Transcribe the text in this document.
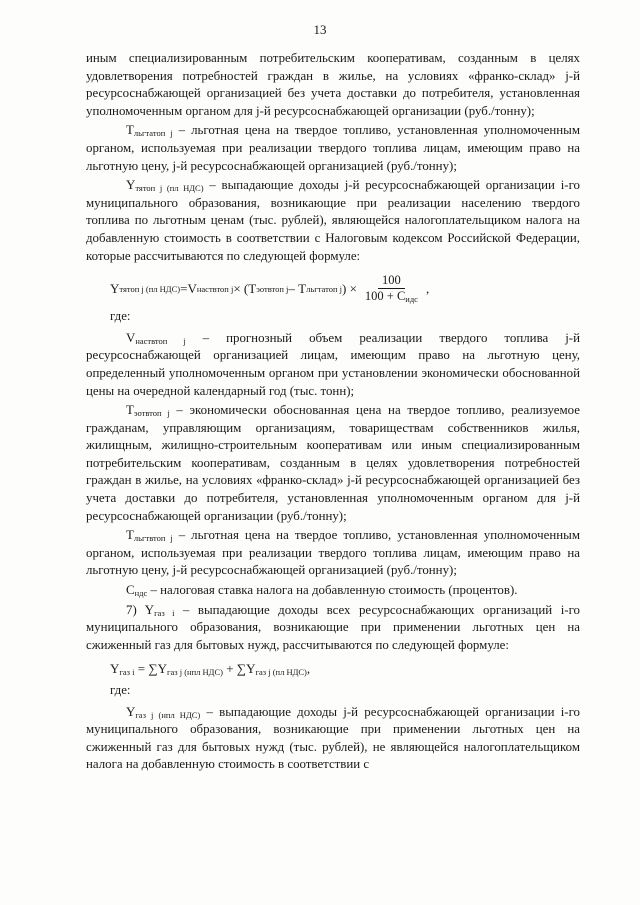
13

иным специализированным потребительским кооперативам, созданным в целях удовлетворения потребностей граждан в жилье, на условиях «франко-склад» j-й ресурсоснабжающей организацией без учета доставки до потребителя, установленная уполномоченным органом для j-й ресурсоснабжающей организации (руб./тонну);

$Т_{льгтатоп j}$ – льготная цена на твердое топливо, установленная уполномоченным органом, используемая при реализации твердого топлива лицам, имеющим право на льготную цену, j-й ресурсоснабжающей организацией (руб./тонну);

$Y_{тятоп j (пл НДС)}$ – выпадающие доходы j-й ресурсоснабжающей организации i-го муниципального образования, возникающие при реализации населению твердого топлива по льготным ценам (тыс. рублей), являющейся налогоплательщиком налога на добавленную стоимость в соответствии с Налоговым кодексом Российской Федерации, которые рассчитываются по следующей формуле:

Y тятоп j (пл НДС) =V наствтоп j × (Т эотвтоп j – Т льгтатоп j ) × $\frac{100}{100 + С_{идс}}$ ,

где:

$V_{наствтоп j}$ – прогнозный объем реализации твердого топлива j-й ресурсоснабжающей организацией лицам, имеющим право на льготную цену, определенный уполномоченным органом при установлении экономически обоснованной цены на очередной календарный год (тыс. тонн);

$Т_{эотвтоп j}$ – экономически обоснованная цена на твердое топливо, реализуемое гражданам, управляющим организациям, товариществам собственников жилья, жилищным, жилищно-строительным кооперативам или иным специализированным потребительским кооперативам, созданным в целях удовлетворения потребностей граждан в жилье, на условиях «франко-склад» j-й ресурсоснабжающей организацией без учета доставки до потребителя, установленная уполномоченным органом для j-й ресурсоснабжающей организации (руб./тонну);

$Т_{льгтвтоп j}$ – льготная цена на твердое топливо, установленная уполномоченным органом, используемая при реализации твердого топлива лицам, имеющим право на льготную цену, j-й ресурсоснабжающей организацией (руб./тонну);

$С_{ндс}$ – налоговая ставка налога на добавленную стоимость (процентов).

7) $Y_{газ i}$ – выпадающие доходы всех ресурсоснабжающих организаций i-го муниципального образования, возникающие при применении льготных цен на сжиженный газ для бытовых нужд, рассчитываются по следующей формуле:

$Y_{газ i} = \sum Y_{газ j (нпл НДС)} + \sum Y_{газ j (пл НДС)}$,

где:

$Y_{газ j (нпл НДС)}$ – выпадающие доходы j-й ресурсоснабжающей организации i-го муниципального образования, возникающие при применении льготных цен на сжиженный газ для бытовых нужд (тыс. рублей), не являющейся налогоплательщиком налога на добавленную стоимость в соответствии с
